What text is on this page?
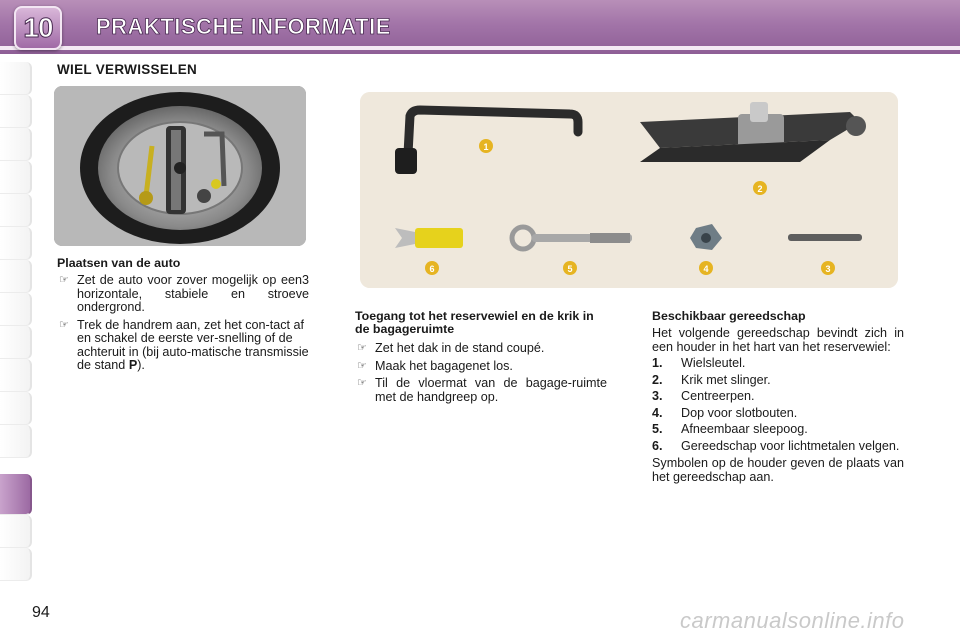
10 PRAKTISCHE INFORMATIE
WIEL VERWISSELEN
1
2
3
4
5
6
Plaatsen van de auto
☞ Zet de auto voor zover mogelijk op een3 horizontale, stabiele en stroeve ondergrond.
☞ Trek de handrem aan, zet het con-tact af en schakel de eerste ver-snelling of de achteruit in (bij auto-matische transmissie de stand P).
Toegang tot het reservewiel en de krik in de bagageruimte
☞ Zet het dak in de stand coupé.
☞ Maak het bagagenet los.
☞ Til de vloermat van de bagage-ruimte met de handgreep op.
Beschikbaar gereedschap
Het volgende gereedschap bevindt zich in een houder in het hart van het reservewiel:
1. Wielsleutel.
2. Krik met slinger.
3. Centreerpen.
4. Dop voor slotbouten.
5. Afneembaar sleepoog.
6. Gereedschap voor lichtmetalen velgen.
Symbolen op de houder geven de plaats van het gereedschap aan.
94	carmanualsonline.info
